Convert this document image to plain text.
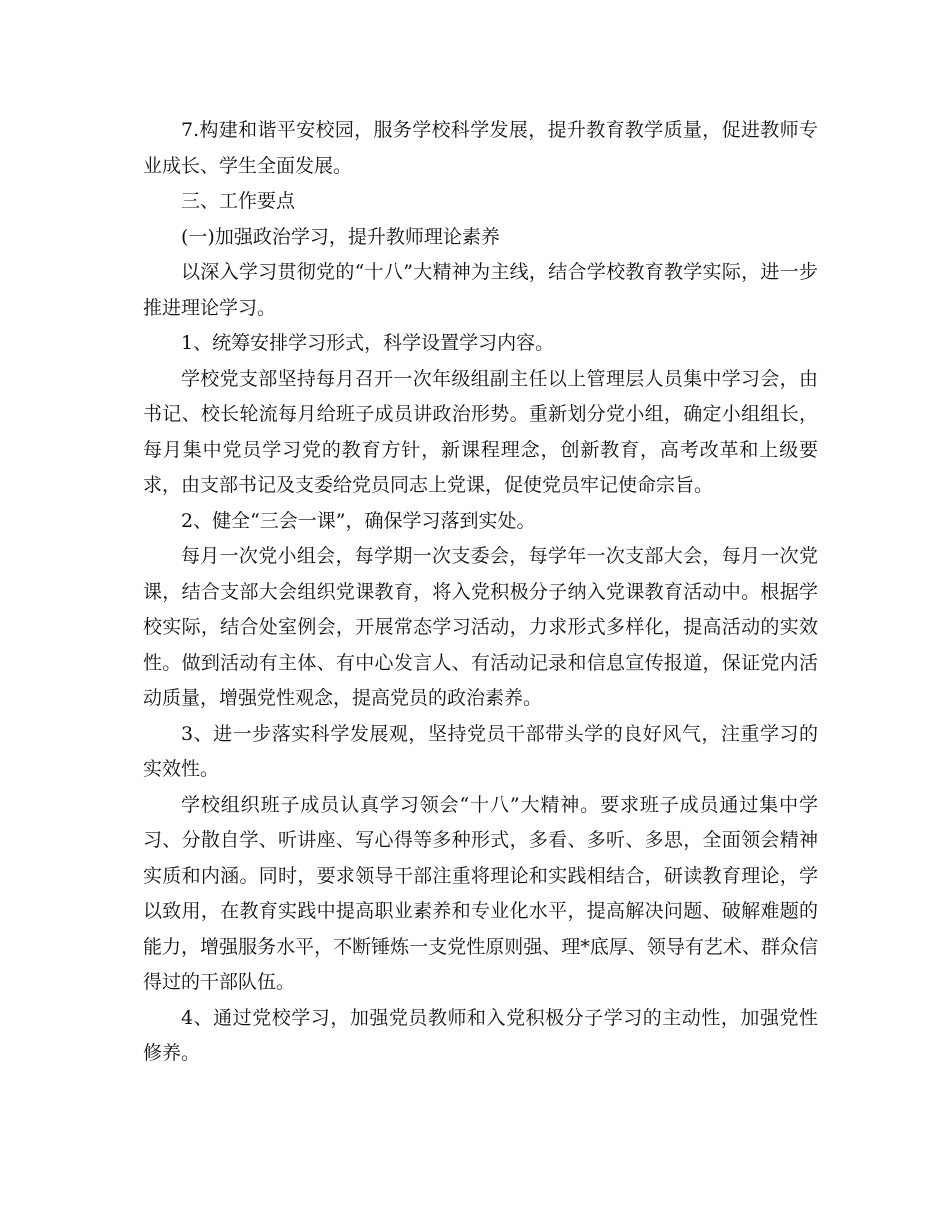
7.构建和谐平安校园，服务学校科学发展，提升教育教学质量，促进教师专业成长、学生全面发展。

三、工作要点

(一)加强政治学习，提升教师理论素养

以深入学习贯彻党的“十八”大精神为主线，结合学校教育教学实际，进一步推进理论学习。

1、统筹安排学习形式，科学设置学习内容。

学校党支部坚持每月召开一次年级组副主任以上管理层人员集中学习会，由书记、校长轮流每月给班子成员讲政治形势。重新划分党小组，确定小组组长，每月集中党员学习党的教育方针，新课程理念，创新教育，高考改革和上级要求，由支部书记及支委给党员同志上党课，促使党员牢记使命宗旨。

2、健全“三会一课”，确保学习落到实处。

每月一次党小组会，每学期一次支委会，每学年一次支部大会，每月一次党课，结合支部大会组织党课教育，将入党积极分子纳入党课教育活动中。根据学校实际，结合处室例会，开展常态学习活动，力求形式多样化，提高活动的实效性。做到活动有主体、有中心发言人、有活动记录和信息宣传报道，保证党内活动质量，增强党性观念，提高党员的政治素养。

3、进一步落实科学发展观，坚持党员干部带头学的良好风气，注重学习的实效性。

学校组织班子成员认真学习领会“十八”大精神。要求班子成员通过集中学习、分散自学、听讲座、写心得等多种形式，多看、多听、多思，全面领会精神实质和内涵。同时，要求领导干部注重将理论和实践相结合，研读教育理论，学以致用，在教育实践中提高职业素养和专业化水平，提高解决问题、破解难题的能力，增强服务水平，不断锤炼一支党性原则强、理*底厚、领导有艺术、群众信得过的干部队伍。

4、通过党校学习，加强党员教师和入党积极分子学习的主动性，加强党性修养。
